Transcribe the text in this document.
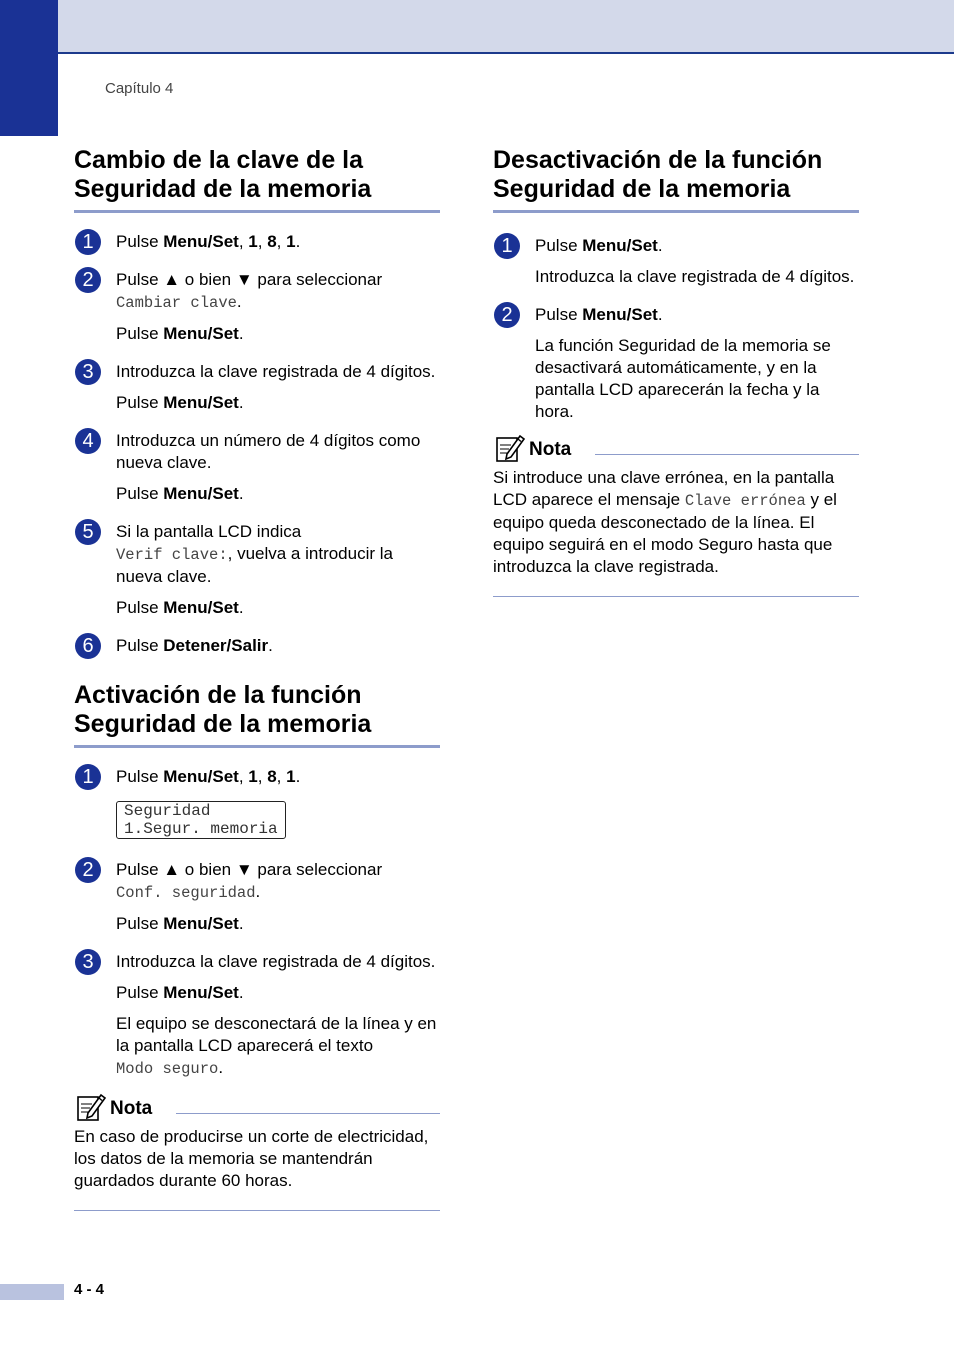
Capítulo 4
Cambio de la clave de la
Seguridad de la memoria
1	Pulse Menu/Set, 1, 8, 1.

2	Pulse ▲ o bien ▼ para seleccionar
Cambiar clave.

Pulse Menu/Set.

3	Introduzca la clave registrada de 4 dígitos.

Pulse Menu/Set.

4	Introduzca un número de 4 dígitos como nueva clave.

Pulse Menu/Set.

5	Si la pantalla LCD indica
Verif clave:, vuelva a introducir la nueva clave.

Pulse Menu/Set.

6	Pulse Detener/Salir.

Activación de la función
Seguridad de la memoria
1	Pulse Menu/Set, 1, 8, 1.

Seguridad
1.Segur. memoria
2	Pulse ▲ o bien ▼ para seleccionar
Conf. seguridad.

Pulse Menu/Set.

3	Introduzca la clave registrada de 4 dígitos.

Pulse Menu/Set.

El equipo se desconectará de la línea y en la pantalla LCD aparecerá el texto
Modo seguro.

Nota
En caso de producirse un corte de electricidad, los datos de la memoria se mantendrán guardados durante 60 horas.
Desactivación de la función
Seguridad de la memoria
1	Pulse Menu/Set.

Introduzca la clave registrada de 4 dígitos.

2	Pulse Menu/Set.

La función Seguridad de la memoria se desactivará automáticamente, y en la pantalla LCD aparecerán la fecha y la hora.

Nota
Si introduce una clave errónea, en la pantalla LCD aparece el mensaje Clave errónea y el equipo queda desconectado de la línea. El equipo seguirá en el modo Seguro hasta que introduzca la clave registrada.
4 - 4
